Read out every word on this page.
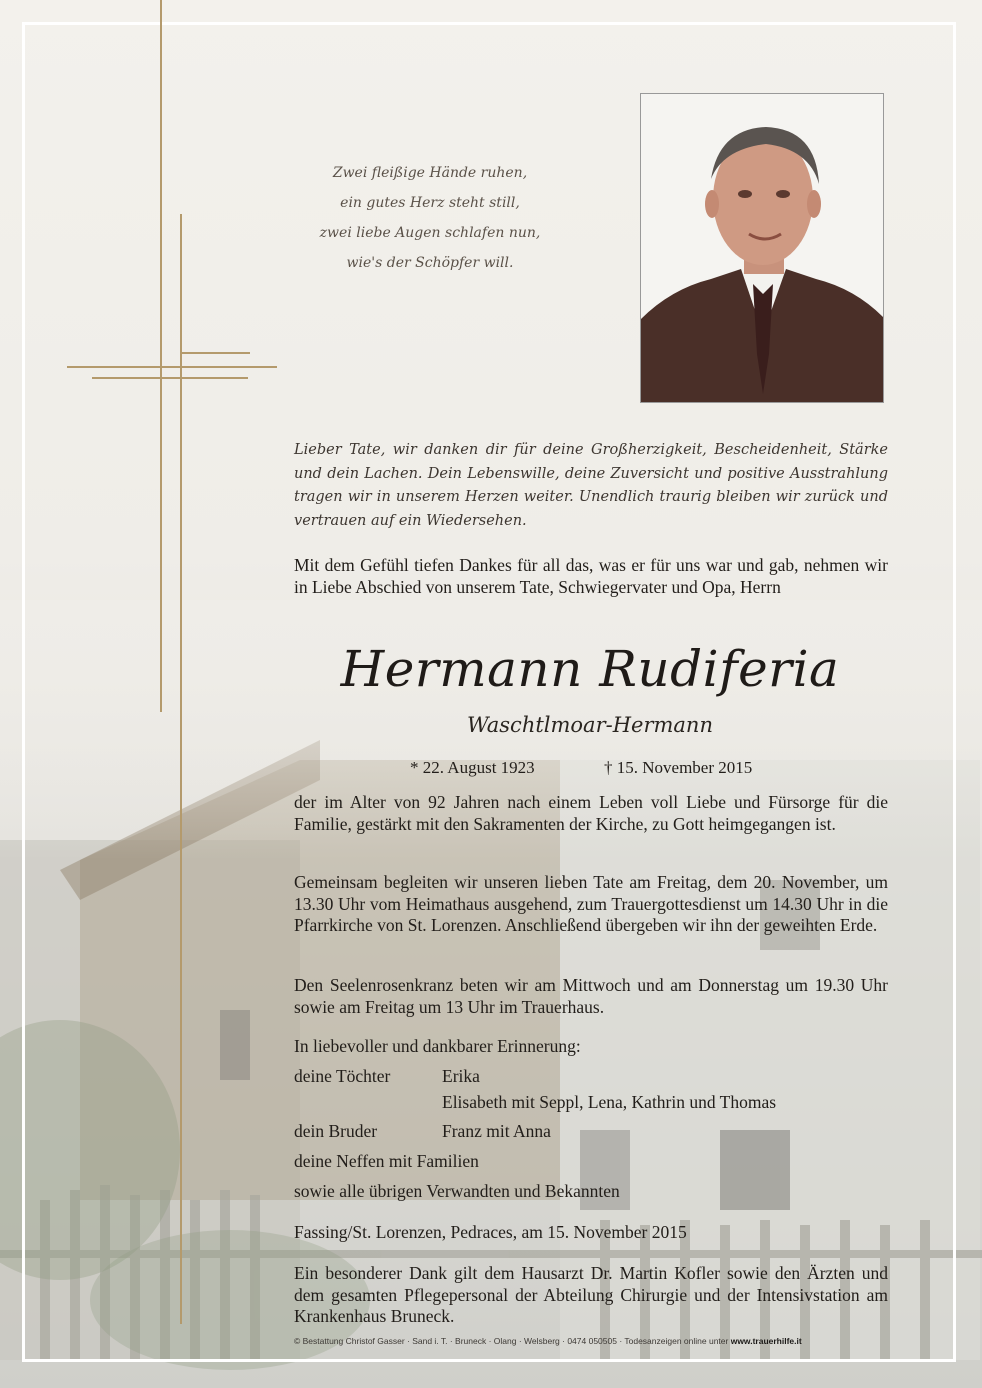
Zwei fleißige Hände ruhen,
ein gutes Herz steht still,
zwei liebe Augen schlafen nun,
wie's der Schöpfer will.
Lieber Tate, wir danken dir für deine Großherzigkeit, Bescheidenheit, Stärke und dein Lachen. Dein Lebenswille, deine Zuversicht und positive Ausstrahlung tragen wir in unserem Herzen weiter. Unendlich traurig bleiben wir zurück und vertrauen auf ein Wiedersehen.
Mit dem Gefühl tiefen Dankes für all das, was er für uns war und gab, nehmen wir in Liebe Abschied von unserem Tate, Schwiegervater und Opa, Herrn
Hermann Rudiferia
Waschtlmoar-Hermann
* 22. August 1923	† 15. November 2015
der im Alter von 92 Jahren nach einem Leben voll Liebe und Fürsorge für die Familie, gestärkt mit den Sakramenten der Kirche, zu Gott heimgegangen ist.
Gemeinsam begleiten wir unseren lieben Tate am Freitag, dem 20. November, um 13.30 Uhr vom Heimathaus ausgehend, zum Trauergottesdienst um 14.30 Uhr in die Pfarrkirche von St. Lorenzen. Anschließend übergeben wir ihn der geweihten Erde.
Den Seelenrosenkranz beten wir am Mittwoch und am Donnerstag um 19.30 Uhr sowie am Freitag um 13 Uhr im Trauerhaus.
In liebevoller und dankbarer Erinnerung:
deine Töchter	Erika
Elisabeth mit Seppl, Lena, Kathrin und Thomas
dein Bruder	Franz mit Anna
deine Neffen mit Familien
sowie alle übrigen Verwandten und Bekannten
Fassing/St. Lorenzen, Pedraces, am 15. November 2015
Ein besonderer Dank gilt dem Hausarzt Dr. Martin Kofler sowie den Ärzten und dem gesamten Pflegepersonal der Abteilung Chirurgie und der Intensivstation am Krankenhaus Bruneck.
© Bestattung Christof Gasser · Sand i. T. · Bruneck · Olang · Welsberg · 0474 050505 · Todesanzeigen online unter www.trauerhilfe.it
